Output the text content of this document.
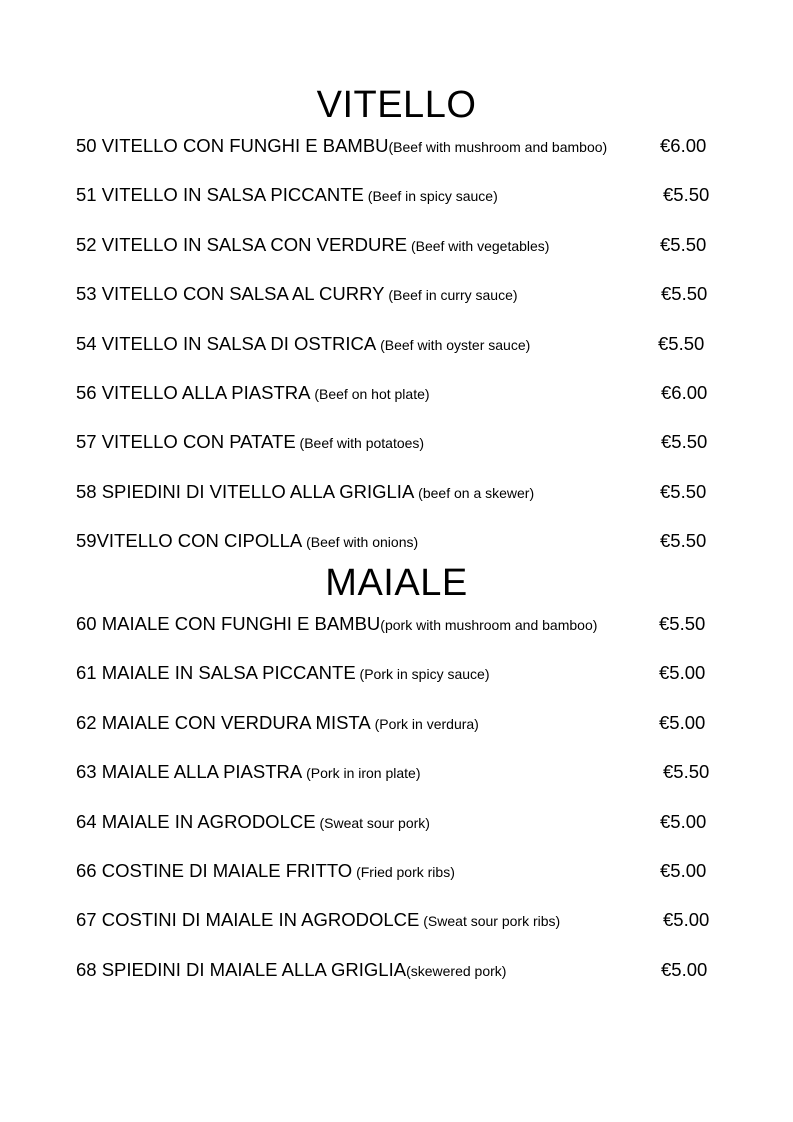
VITELLO
50 VITELLO CON FUNGHI E BAMBU(Beef with mushroom and bamboo)	€6.00
51 VITELLO IN SALSA PICCANTE (Beef in spicy sauce)	€5.50
52 VITELLO IN SALSA CON VERDURE (Beef with vegetables)	€5.50
53 VITELLO CON SALSA AL CURRY (Beef in curry sauce)	€5.50
54 VITELLO IN SALSA DI OSTRICA (Beef with oyster sauce)	€5.50
56 VITELLO ALLA PIASTRA (Beef on hot plate)	€6.00
57 VITELLO CON PATATE (Beef with potatoes)	€5.50
58 SPIEDINI DI VITELLO ALLA GRIGLIA (beef on a skewer)	€5.50
59VITELLO CON CIPOLLA (Beef with onions)	€5.50
MAIALE
60 MAIALE CON FUNGHI E BAMBU(pork with mushroom and bamboo)	€5.50
61 MAIALE IN SALSA PICCANTE (Pork in spicy sauce)	€5.00
62 MAIALE CON VERDURA MISTA (Pork in verdura)	€5.00
63 MAIALE ALLA PIASTRA (Pork in iron plate)	€5.50
64 MAIALE IN AGRODOLCE (Sweat sour pork)	€5.00
66 COSTINE DI MAIALE FRITTO (Fried pork ribs)	€5.00
67 COSTINI DI MAIALE IN AGRODOLCE (Sweat sour pork ribs)	€5.00
68 SPIEDINI DI MAIALE ALLA GRIGLIA(skewered pork)	€5.00
